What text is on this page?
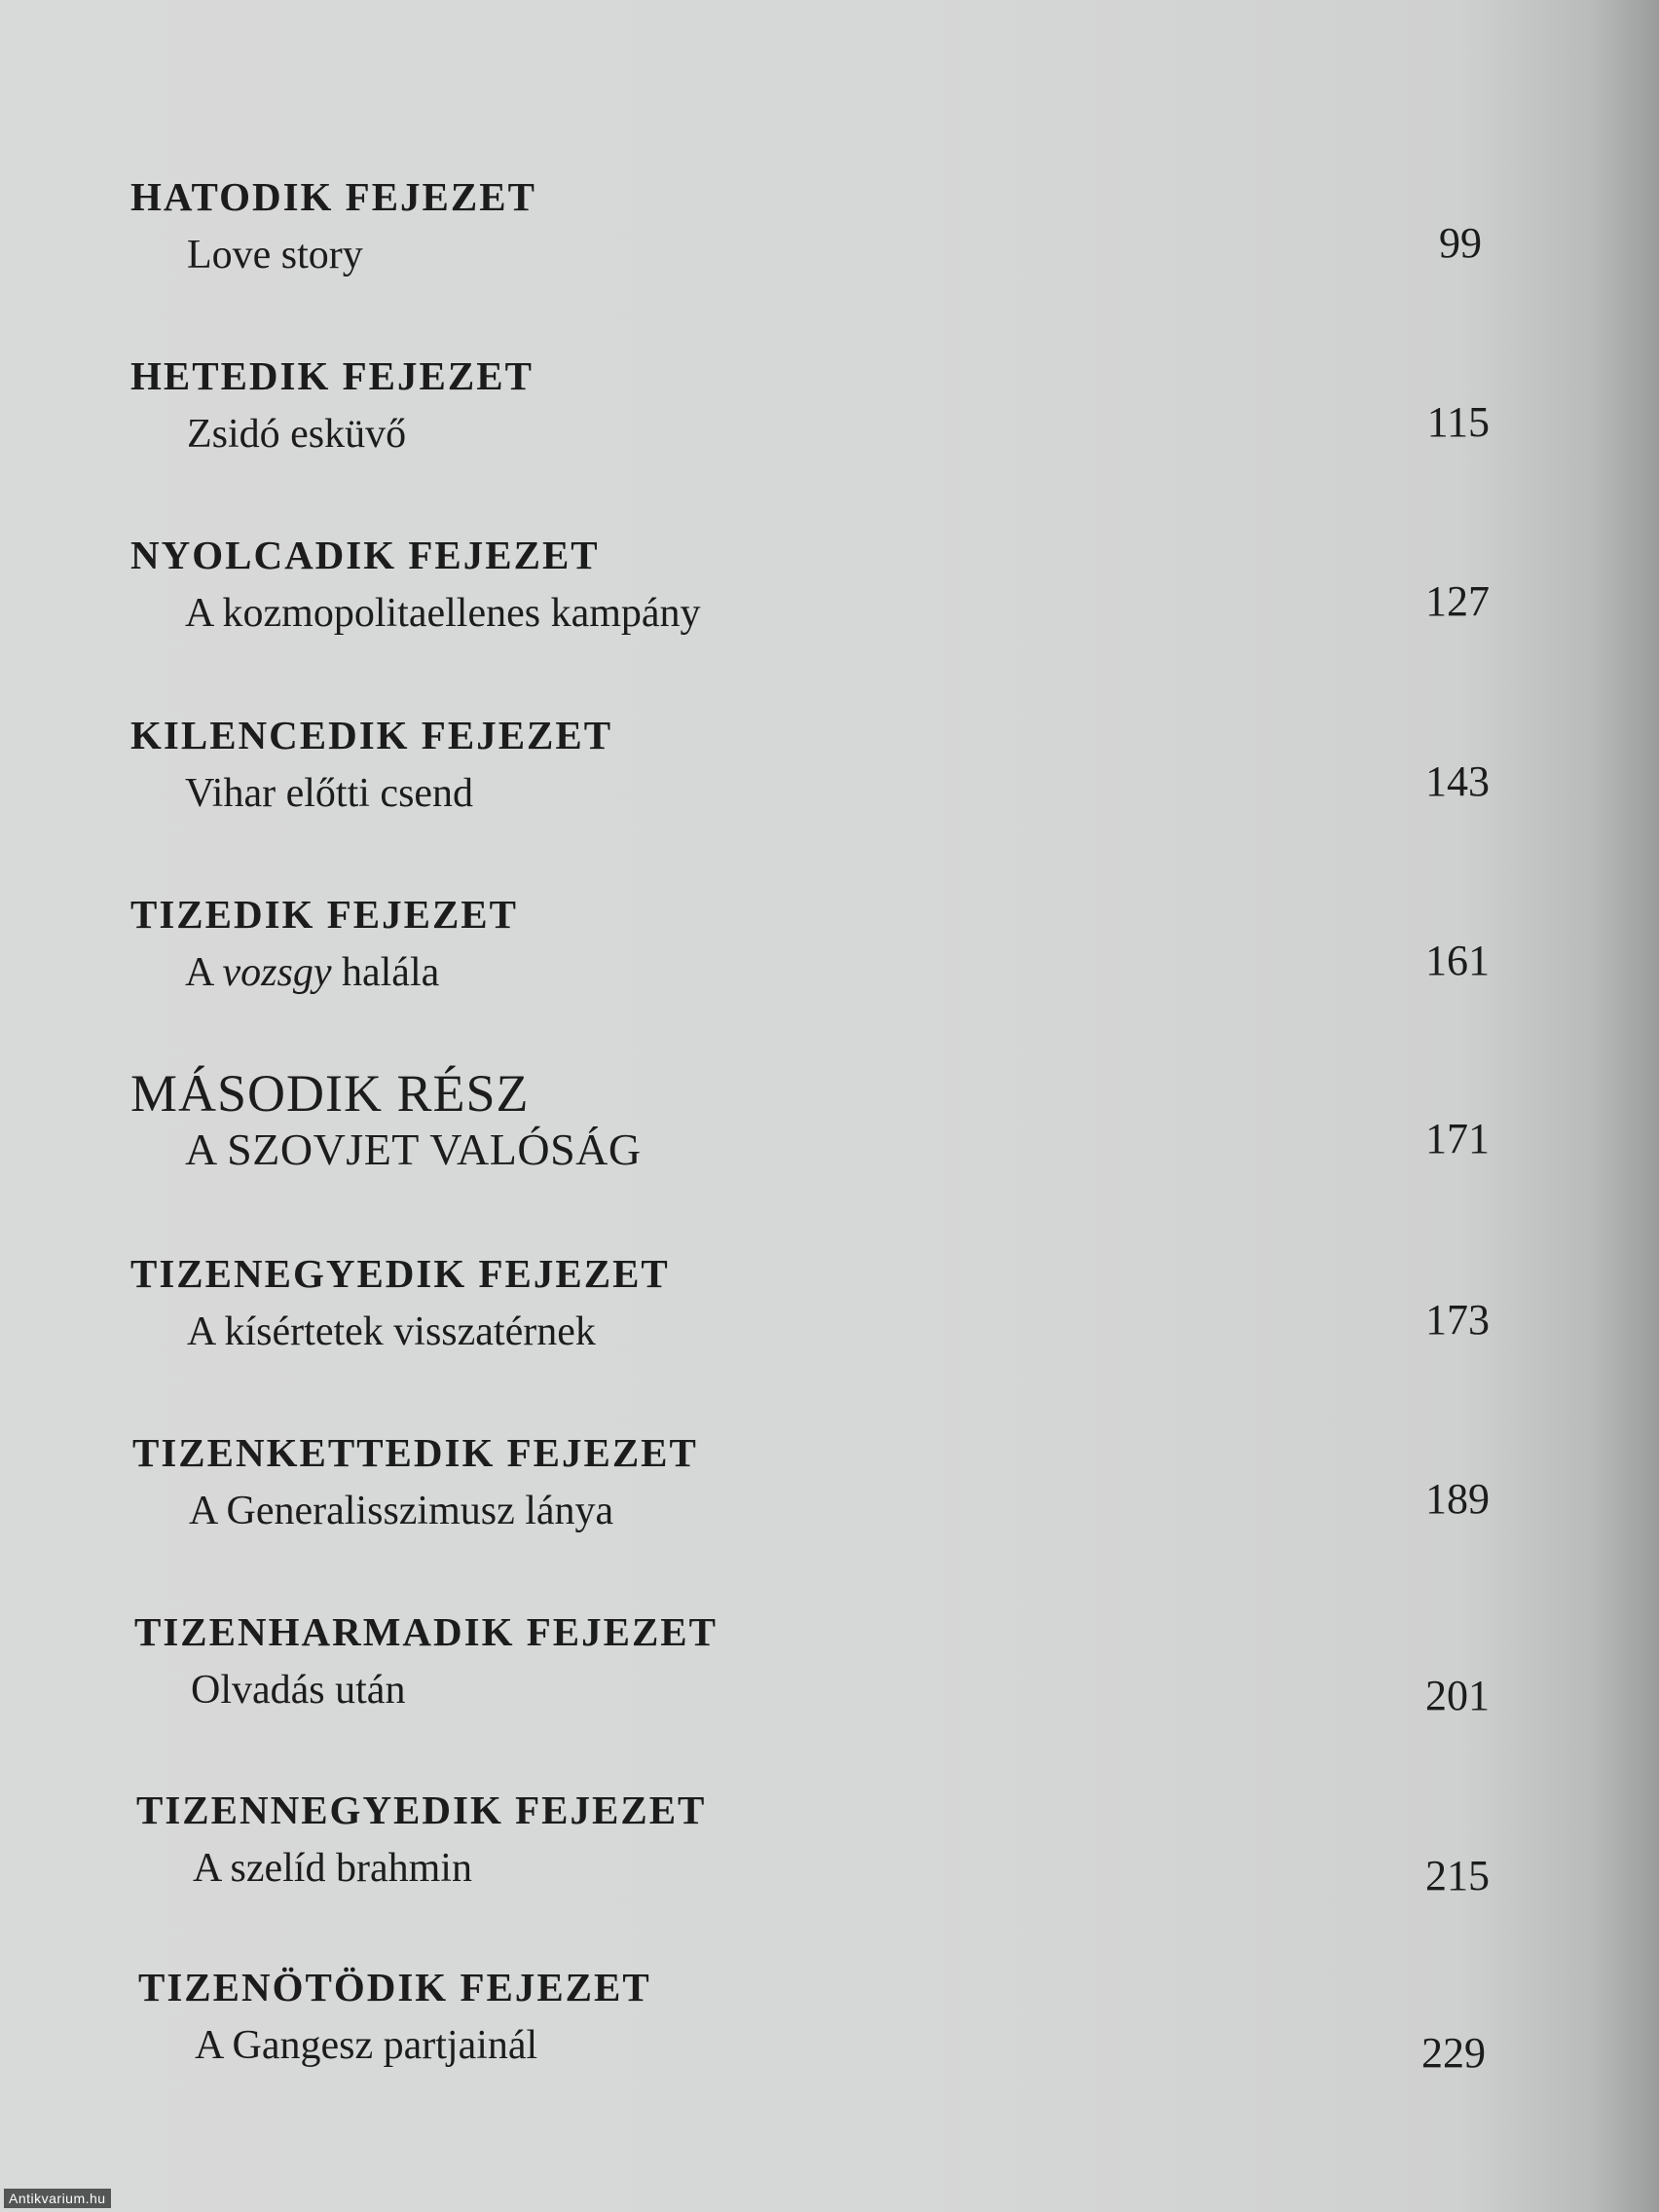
HATODIK FEJEZET
Love story	99
HETEDIK FEJEZET
Zsidó esküvő	115
NYOLCADIK FEJEZET
A kozmopolitaellenes kampány	127
KILENCEDIK FEJEZET
Vihar előtti csend	143
TIZEDIK FEJEZET
A vozsgy halála	161
MÁSODIK RÉSZ
A SZOVJET VALÓSÁG	171
TIZENEGYEDIK FEJEZET
A kísértetek visszatérnek	173
TIZENKETTEDIK FEJEZET
A Generalisszimusz lánya	189
TIZENHARMADIK FEJEZET
Olvadás után	201
TIZENNEGYEDIK FEJEZET
A szelíd brahmin	215
TIZENÖTÖDIK FEJEZET
A Gangesz partjainál	229
Antikvarium.hu
